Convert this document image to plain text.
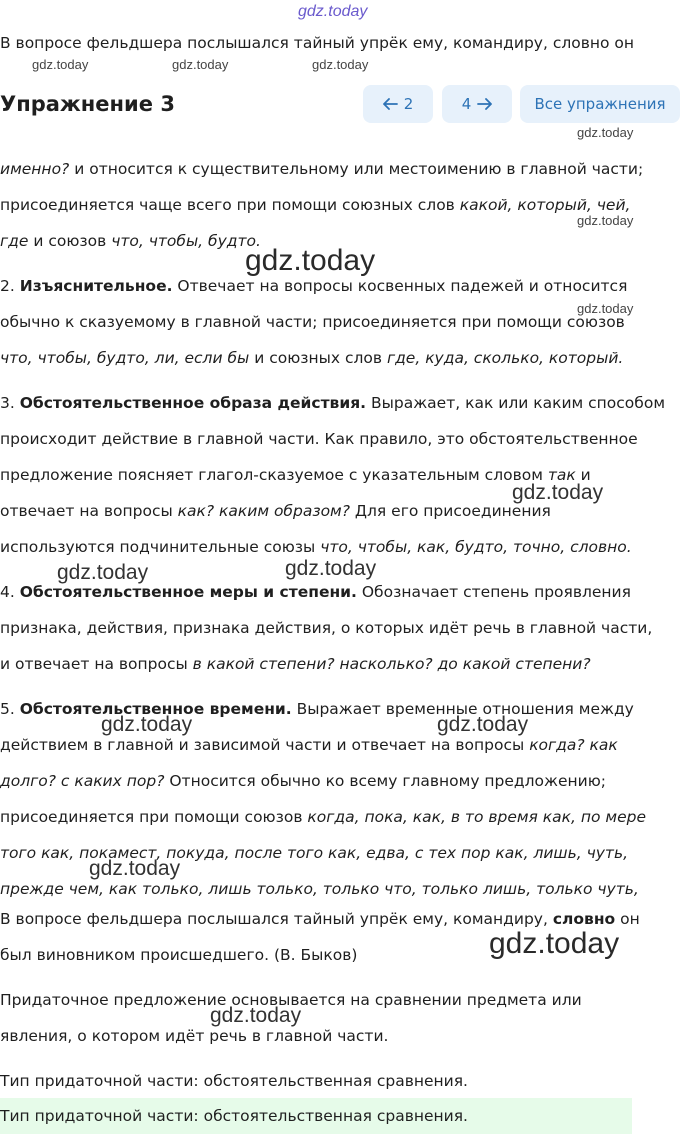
gdz.today
В вопросе фельдшера послышался тайный упрёк ему, командиру, словно он
gdz.today	gdz.today	gdz.today
Упражнение 3	2	4	Все упражнения
gdz.today
именно? и относится к существительному или местоимению в главной части;
присоединяется чаще всего при помощи союзных слов какой, который, чей,
gdz.today
где и союзов что, чтобы, будто.
gdz.today
2. Изъяснительное. Отвечает на вопросы косвенных падежей и относится
gdz.today
обычно к сказуемому в главной части; присоединяется при помощи союзов
что, чтобы, будто, ли, если бы и союзных слов где, куда, сколько, который.
3. Обстоятельственное образа действия. Выражает, как или каким способом
происходит действие в главной части. Как правило, это обстоятельственное
предложение поясняет глагол-сказуемое с указательным словом так и
gdz.today
отвечает на вопросы как? каким образом? Для его присоединения
используются подчинительные союзы что, чтобы, как, будто, точно, словно.
gdz.today	gdz.today
4. Обстоятельственное меры и степени. Обозначает степень проявления
признака, действия, признака действия, о которых идёт речь в главной части,
и отвечает на вопросы в какой степени? насколько? до какой степени?
5. Обстоятельственное времени. Выражает временные отношения между
gdz.today	gdz.today
действием в главной и зависимой части и отвечает на вопросы когда? как
долго? с каких пор? Относится обычно ко всему главному предложению;
присоединяется при помощи союзов когда, пока, как, в то время как, по мере
того как, покамест, покуда, после того как, едва, с тех пор как, лишь, чуть,
gdz.today
прежде чем, как только, лишь только, только что, только лишь, только чуть,
В вопросе фельдшера послышался тайный упрёк ему, командиру, словно он
gdz.today
был виновником происшедшего. (В. Быков)
Придаточное предложение основывается на сравнении предмета или
gdz.today
явления, о котором идёт речь в главной части.
Тип придаточной части: обстоятельственная сравнения.
Тип придаточной части: обстоятельственная сравнения.
